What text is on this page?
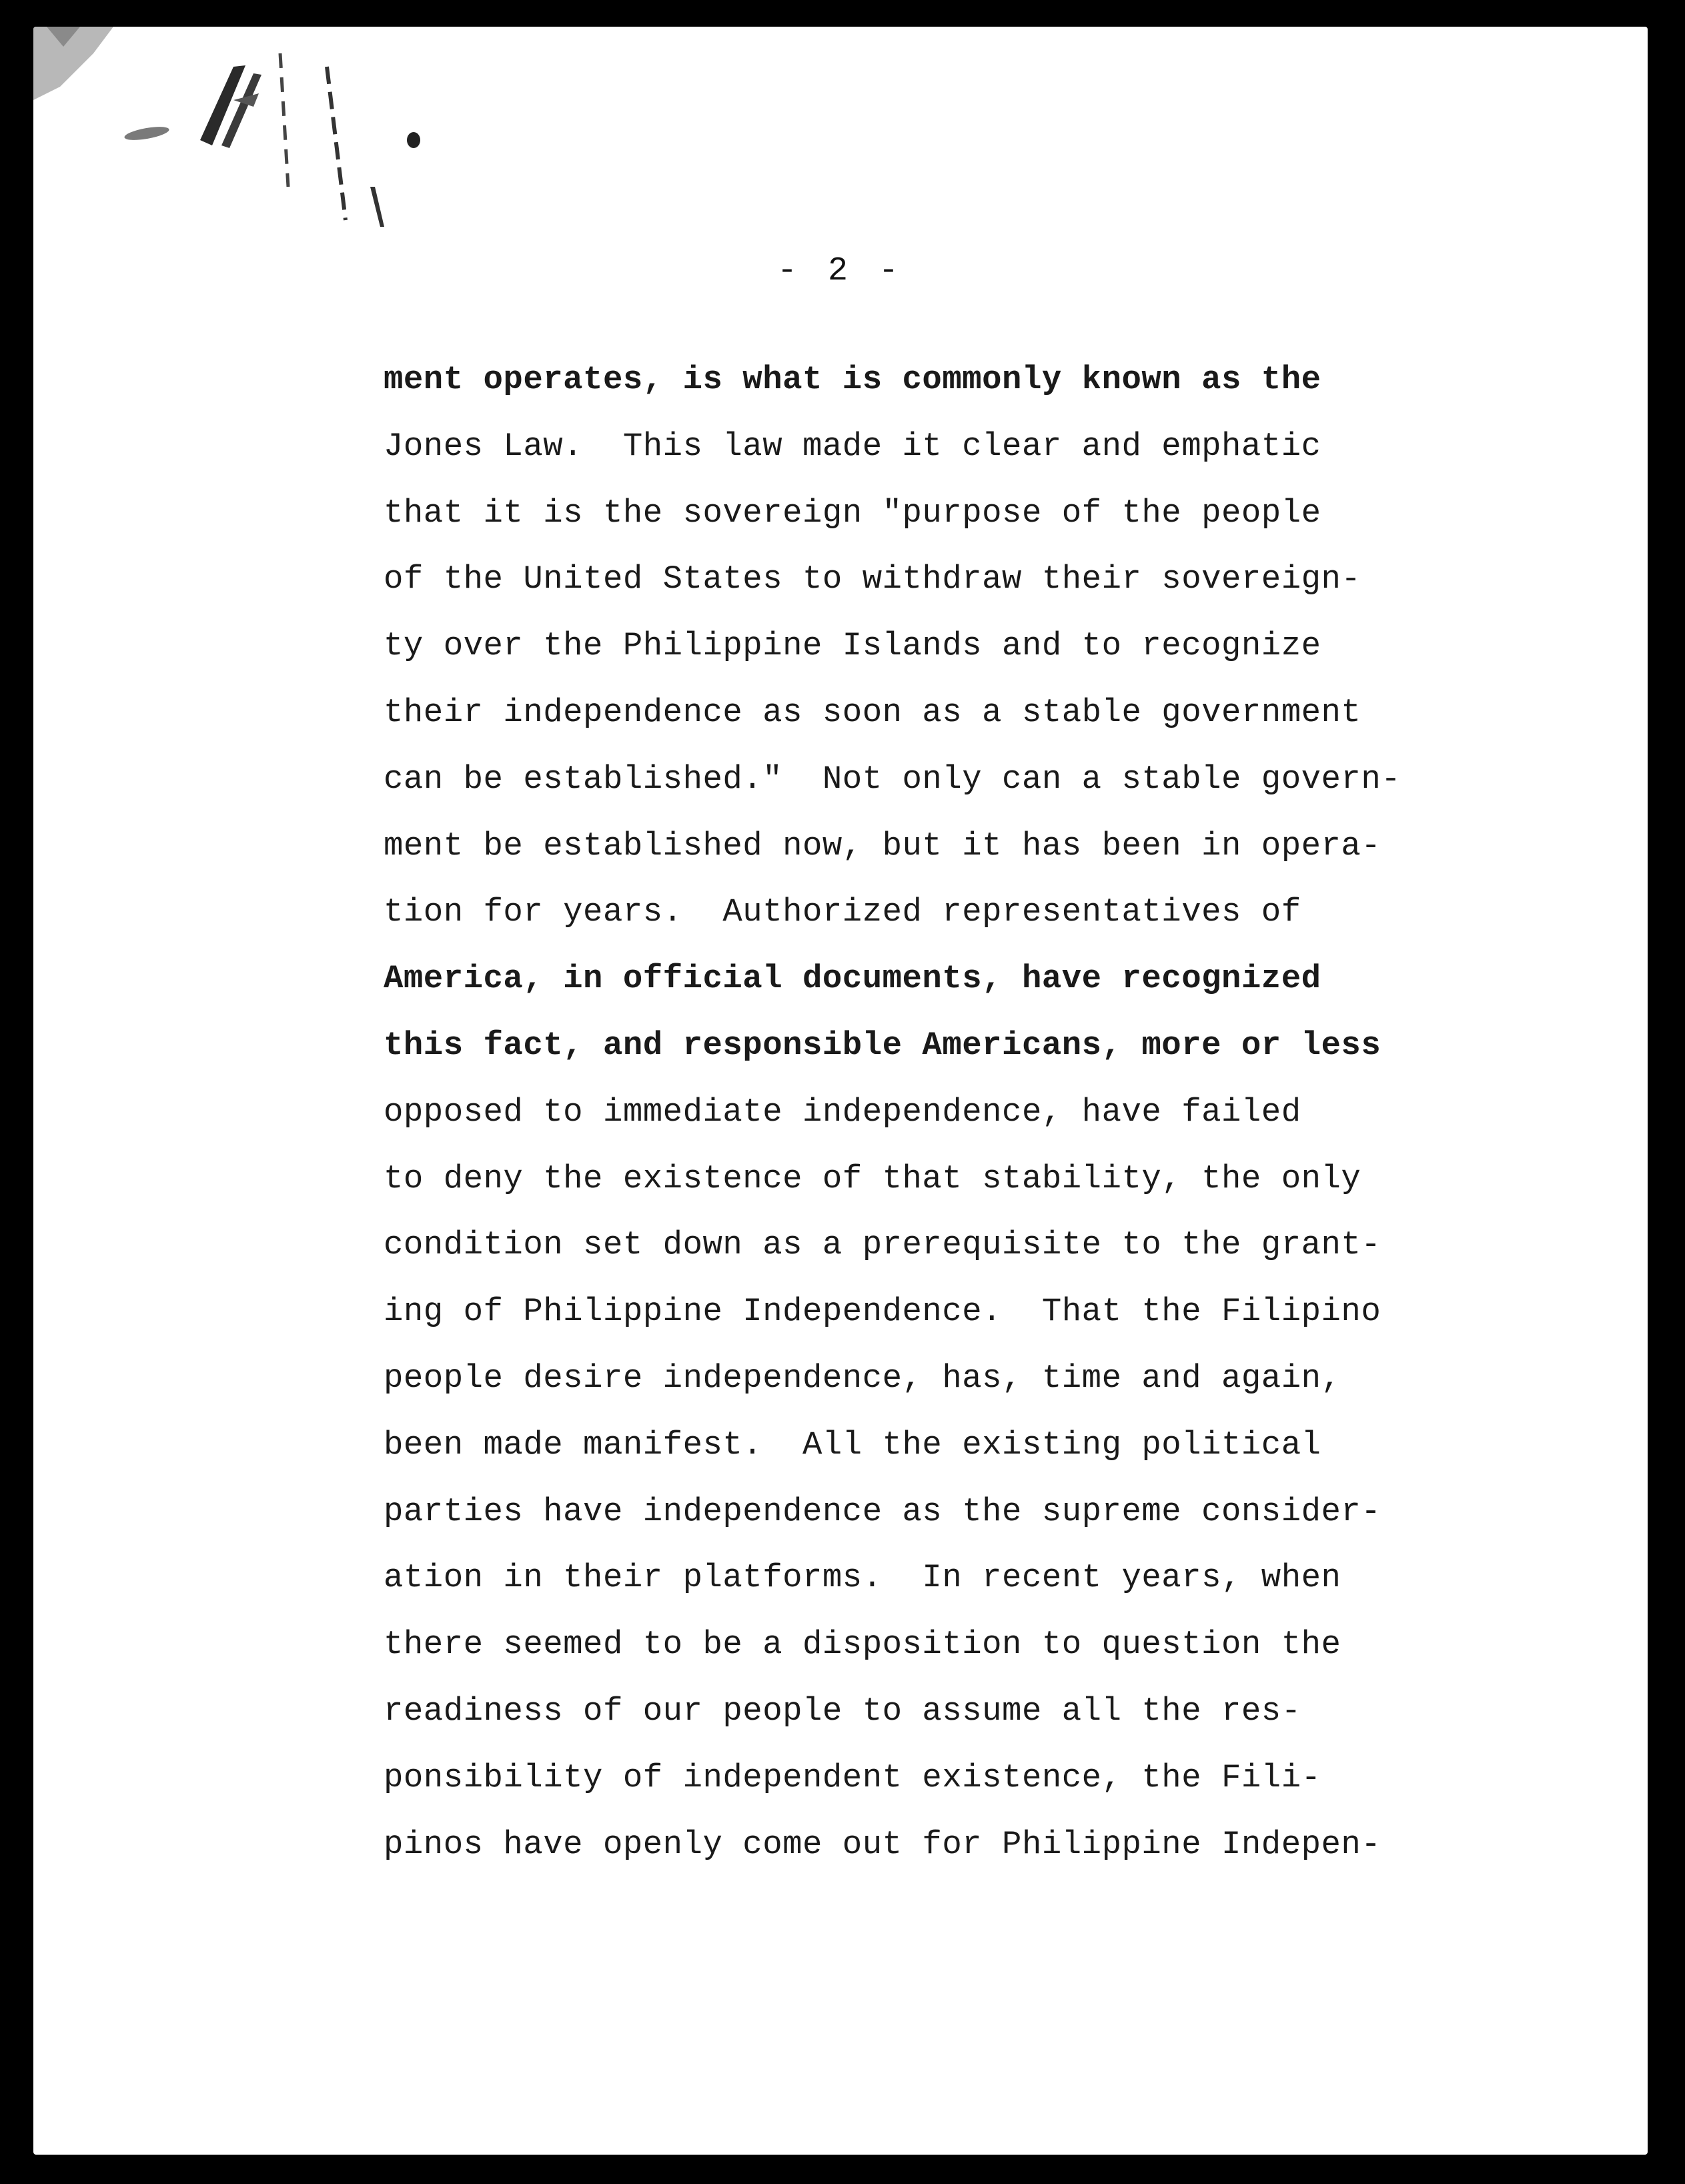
- 2 -
ment operates, is what is commonly known as the
Jones Law.  This law made it clear and emphatic
that it is the sovereign "purpose of the people
of the United States to withdraw their sovereign-
ty over the Philippine Islands and to recognize
their independence as soon as a stable government
can be established."  Not only can a stable govern-
ment be established now, but it has been in opera-
tion for years.  Authorized representatives of
America, in official documents, have recognized
this fact, and responsible Americans, more or less
opposed to immediate independence, have failed
to deny the existence of that stability, the only
condition set down as a prerequisite to the grant-
ing of Philippine Independence.  That the Filipino
people desire independence, has, time and again,
been made manifest.  All the existing political
parties have independence as the supreme consider-
ation in their platforms.  In recent years, when
there seemed to be a disposition to question the
readiness of our people to assume all the res-
ponsibility of independent existence, the Fili-
pinos have openly come out for Philippine Indepen-
